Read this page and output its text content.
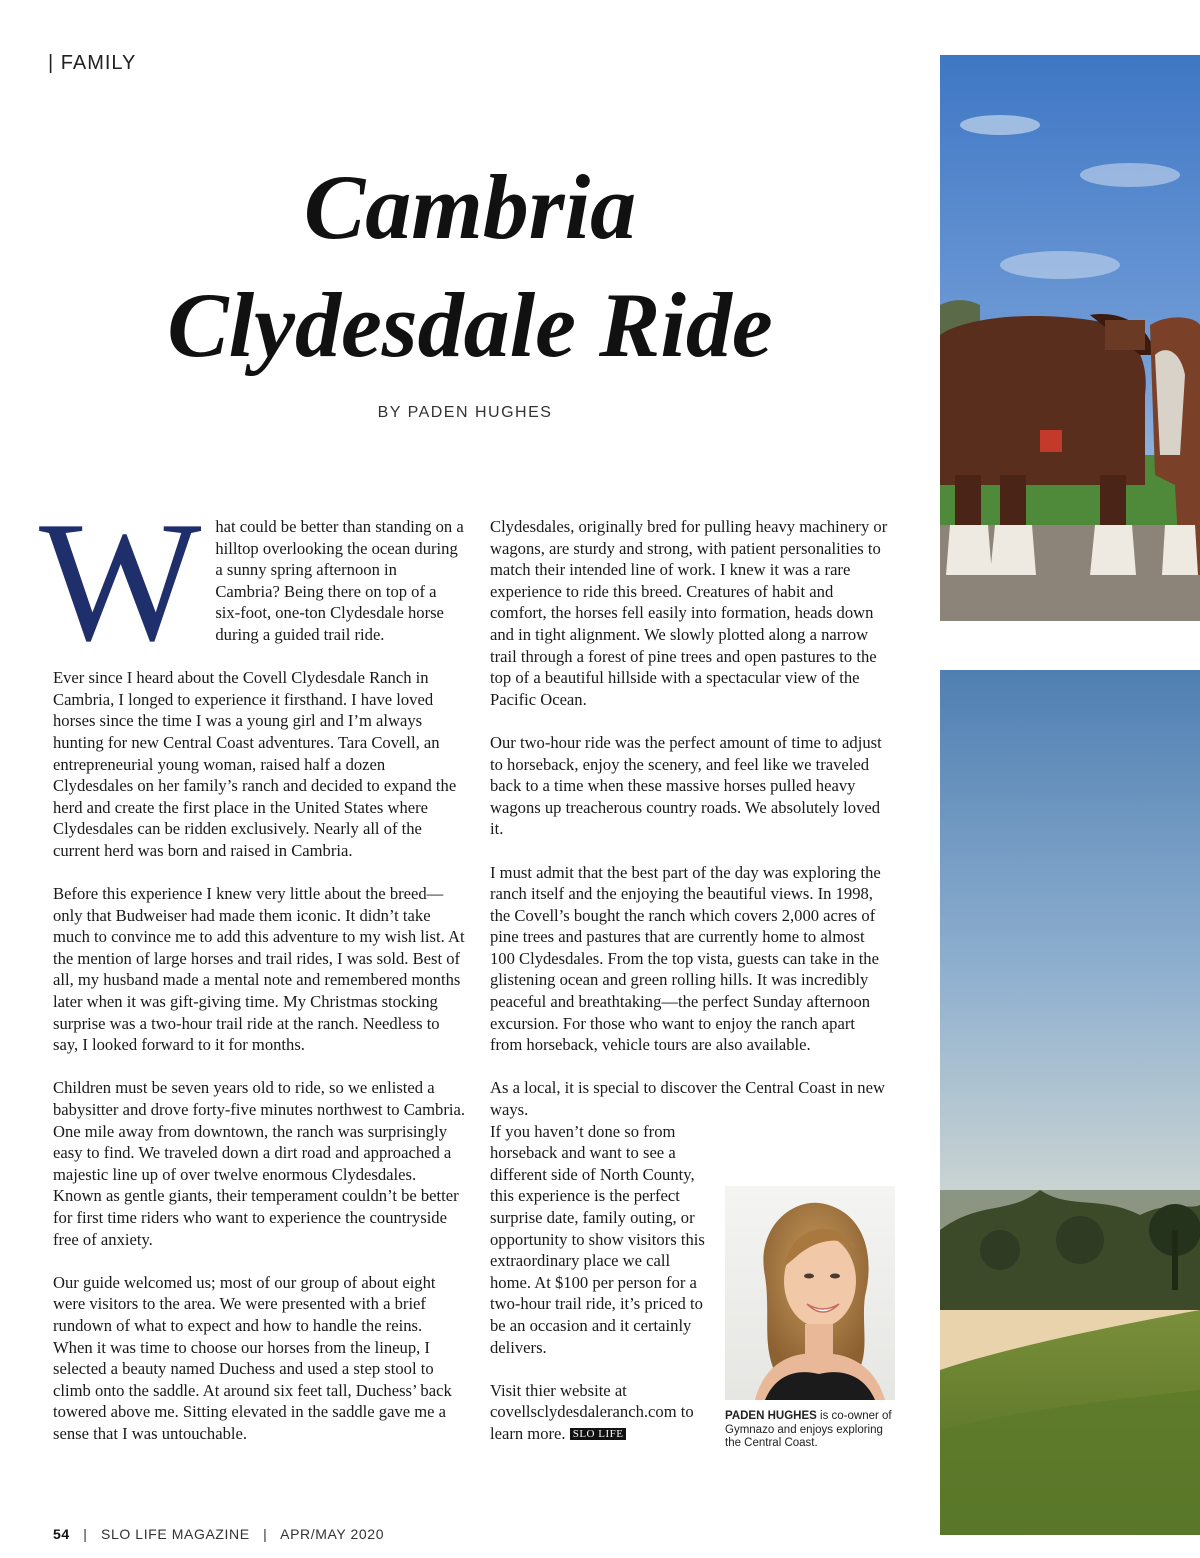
| FAMILY
Cambria
Clydesdale Ride
BY PADEN HUGHES

What could be better than standing on a hilltop overlooking the ocean during a sunny spring afternoon in Cambria? Being there on top of a six-foot, one-ton Clydesdale horse during a guided trail ride.

Ever since I heard about the Covell Clydesdale Ranch in Cambria, I longed to experience it firsthand. I have loved horses since the time I was a young girl and I’m always hunting for new Central Coast adventures. Tara Covell, an entrepreneurial young woman, raised half a dozen Clydesdales on her family’s ranch and decided to expand the herd and create the first place in the United States where Clydesdales can be ridden exclusively. Nearly all of the current herd was born and raised in Cambria.

Before this experience I knew very little about the breed—only that Budweiser had made them iconic. It didn’t take much to convince me to add this adventure to my wish list. At the mention of large horses and trail rides, I was sold. Best of all, my husband made a mental note and remembered months later when it was gift-giving time. My Christmas stocking surprise was a two-hour trail ride at the ranch. Needless to say, I looked forward to it for months.

Children must be seven years old to ride, so we enlisted a babysitter and drove forty-five minutes northwest to Cambria. One mile away from downtown, the ranch was surprisingly easy to find. We traveled down a dirt road and approached a majestic line up of over twelve enormous Clydesdales. Known as gentle giants, their temperament couldn’t be better for first time riders who want to experience the countryside free of anxiety.

Our guide welcomed us; most of our group of about eight were visitors to the area. We were presented with a brief rundown of what to expect and how to handle the reins. When it was time to choose our horses from the lineup, I selected a beauty named Duchess and used a step stool to climb onto the saddle. At around six feet tall, Duchess’ back towered above me. Sitting elevated in the saddle gave me a sense that I was untouchable.

Clydesdales, originally bred for pulling heavy machinery or wagons, are sturdy and strong, with patient personalities to match their intended line of work. I knew it was a rare experience to ride this breed. Creatures of habit and comfort, the horses fell easily into formation, heads down and in tight alignment. We slowly plotted along a narrow trail through a forest of pine trees and open pastures to the top of a beautiful hillside with a spectacular view of the Pacific Ocean.

Our two-hour ride was the perfect amount of time to adjust to horseback, enjoy the scenery, and feel like we traveled back to a time when these massive horses pulled heavy wagons up treacherous country roads. We absolutely loved it.

I must admit that the best part of the day was exploring the ranch itself and the enjoying the beautiful views. In 1998, the Covell’s bought the ranch which covers 2,000 acres of pine trees and pastures that are currently home to almost 100 Clydesdales. From the top vista, guests can take in the glistening ocean and green rolling hills. It was incredibly peaceful and breathtaking—the perfect Sunday afternoon excursion. For those who want to enjoy the ranch apart from horseback, vehicle tours are also available.

As a local, it is special to discover the Central Coast in new ways.

If you haven’t done so from horseback and want to see a different side of North County, this experience is the perfect surprise date, family outing, or opportunity to show visitors this extraordinary place we call home. At $100 per person for a two-hour trail ride, it’s priced to be an occasion and it certainly delivers.

Visit thier website at covellsclydesdaleranch.com to learn more. SLO LIFE

PADEN HUGHES is co-owner of Gymnazo and enjoys exploring the Central Coast.
54 | SLO LIFE MAGAZINE | APR/MAY 2020
